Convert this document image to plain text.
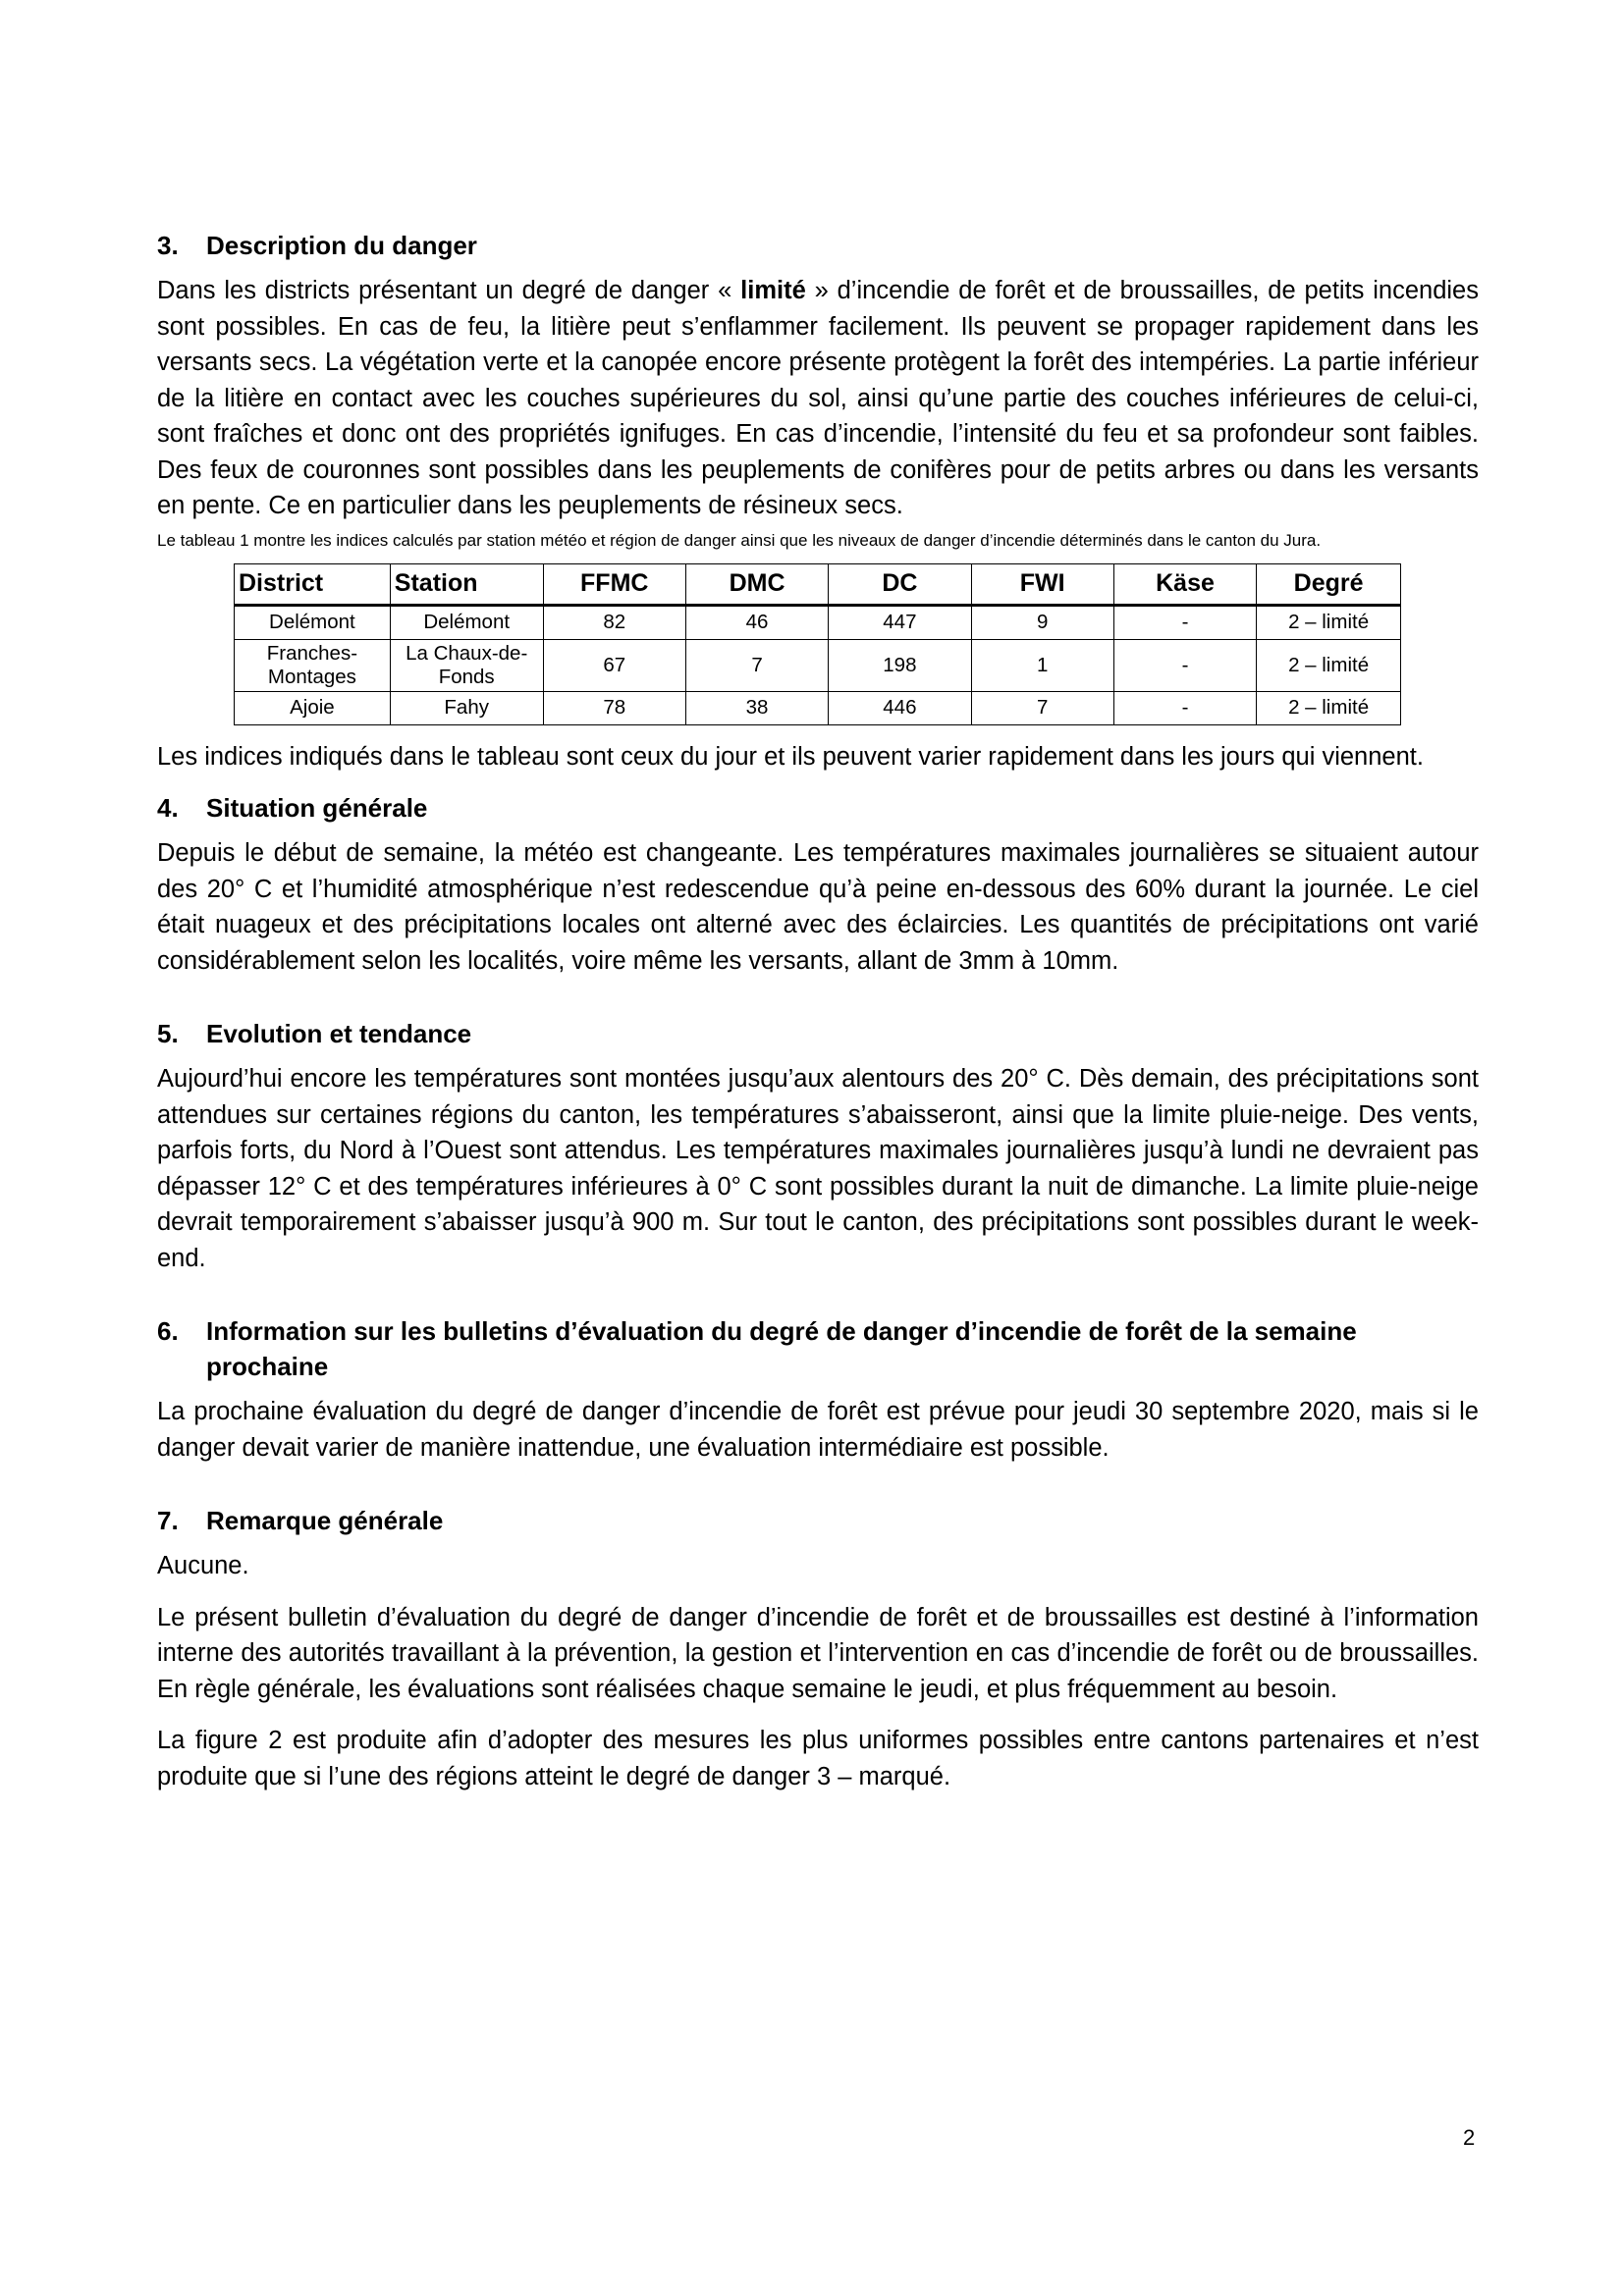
3.	Description du danger

Dans les districts présentant un degré de danger « limité » d’incendie de forêt et de broussailles, de petits incendies sont possibles. En cas de feu, la litière peut s’enflammer facilement. Ils peuvent se propager rapidement dans les versants secs. La végétation verte et la canopée encore présente protègent la forêt des intempéries. La partie inférieur de la litière en contact avec les couches supérieures du sol, ainsi qu’une partie des couches inférieures de celui-ci, sont fraîches et donc ont des propriétés ignifuges. En cas d’incendie, l’intensité du feu et sa profondeur sont faibles. Des feux de couronnes sont possibles dans les peuplements de conifères pour de petits arbres ou dans les versants en pente. Ce en particulier dans les peuplements de résineux secs.

Le tableau 1 montre les indices calculés par station météo et région de danger ainsi que les niveaux de danger d’incendie déterminés dans le canton du Jura.

District	Station	FFMC	DMC	DC	FWI	Käse	Degré
Delémont	Delémont	82	46	447	9	-	2 – limité
Franches-Montages	La Chaux-de-Fonds	67	7	198	1	-	2 – limité
Ajoie	Fahy	78	38	446	7	-	2 – limité

Les indices indiqués dans le tableau sont ceux du jour et ils peuvent varier rapidement dans les jours qui viennent.

4.	Situation générale

Depuis le début de semaine, la météo est changeante. Les températures maximales journalières se situaient autour des 20° C et l’humidité atmosphérique n’est redescendue qu’à peine en-dessous des 60% durant la journée. Le ciel était nuageux et des précipitations locales ont alterné avec des éclaircies. Les quantités de précipitations ont varié considérablement selon les localités, voire même les versants, allant de 3mm à 10mm.

5.	Evolution et tendance

Aujourd’hui encore les températures sont montées jusqu’aux alentours des 20° C. Dès demain, des précipitations sont attendues sur certaines régions du canton, les températures s’abaisseront, ainsi que la limite pluie-neige. Des vents, parfois forts, du Nord à l’Ouest sont attendus. Les températures maximales journalières jusqu’à lundi ne devraient pas dépasser 12° C et des températures inférieures à 0° C sont possibles durant la nuit de dimanche. La limite pluie-neige devrait temporairement s’abaisser jusqu’à 900 m. Sur tout le canton, des précipitations sont possibles durant le week-end.

6.	Information sur les bulletins d’évaluation du degré de danger d’incendie de forêt de la semaine prochaine

La prochaine évaluation du degré de danger d’incendie de forêt est prévue pour jeudi 30 septembre 2020, mais si le danger devait varier de manière inattendue, une évaluation intermédiaire est possible.

7.	Remarque générale

Aucune.

Le présent bulletin d’évaluation du degré de danger d’incendie de forêt et de broussailles est destiné à l’information interne des autorités travaillant à la prévention, la gestion et l’intervention en cas d’incendie de forêt ou de broussailles. En règle générale, les évaluations sont réalisées chaque semaine le jeudi, et plus fréquemment au besoin.

La figure 2 est produite afin d’adopter des mesures les plus uniformes possibles entre cantons partenaires et n’est produite que si l’une des régions atteint le degré de danger 3 – marqué.

2
